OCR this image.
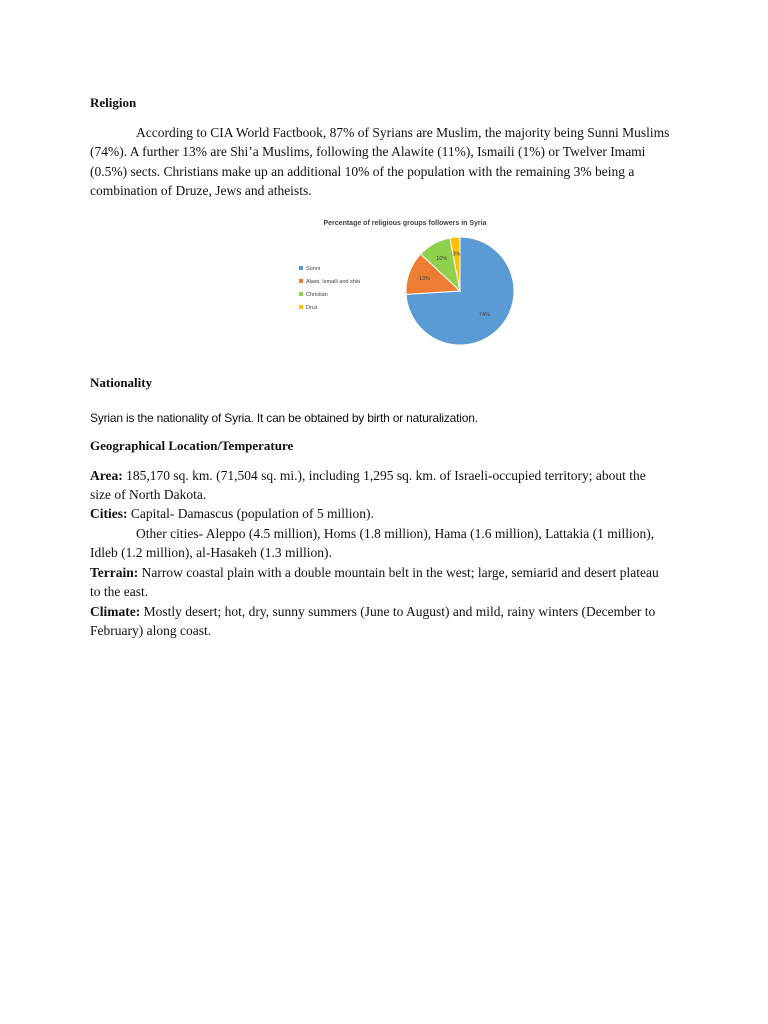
Religion

According to CIA World Factbook, 87% of Syrians are Muslim, the majority being Sunni Muslims (74%). A further 13% are Shi’a Muslims, following the Alawite (11%), Ismaili (1%) or Twelver Imami (0.5%) sects. Christians make up an additional 10% of the population with the remaining 3% being a combination of Druze, Jews and atheists.

Percentage of religious groups followers in Syria
74%
13%
10%
3%
Sunni
Alawi, Ismaili and shia
Christian
Druz
Nationality

Syrian is the nationality of Syria. It can be obtained by birth or naturalization.

Geographical Location/Temperature

Area: 185,170 sq. km. (71,504 sq. mi.), including 1,295 sq. km. of Israeli-occupied territory; about the size of North Dakota.

Cities: Capital- Damascus (population of 5 million).

Other cities- Aleppo (4.5 million), Homs (1.8 million), Hama (1.6 million), Lattakia (1 million), Idleb (1.2 million), al-Hasakeh (1.3 million).

Terrain: Narrow coastal plain with a double mountain belt in the west; large, semiarid and desert plateau to the east.

Climate: Mostly desert; hot, dry, sunny summers (June to August) and mild, rainy winters (December to February) along coast.
